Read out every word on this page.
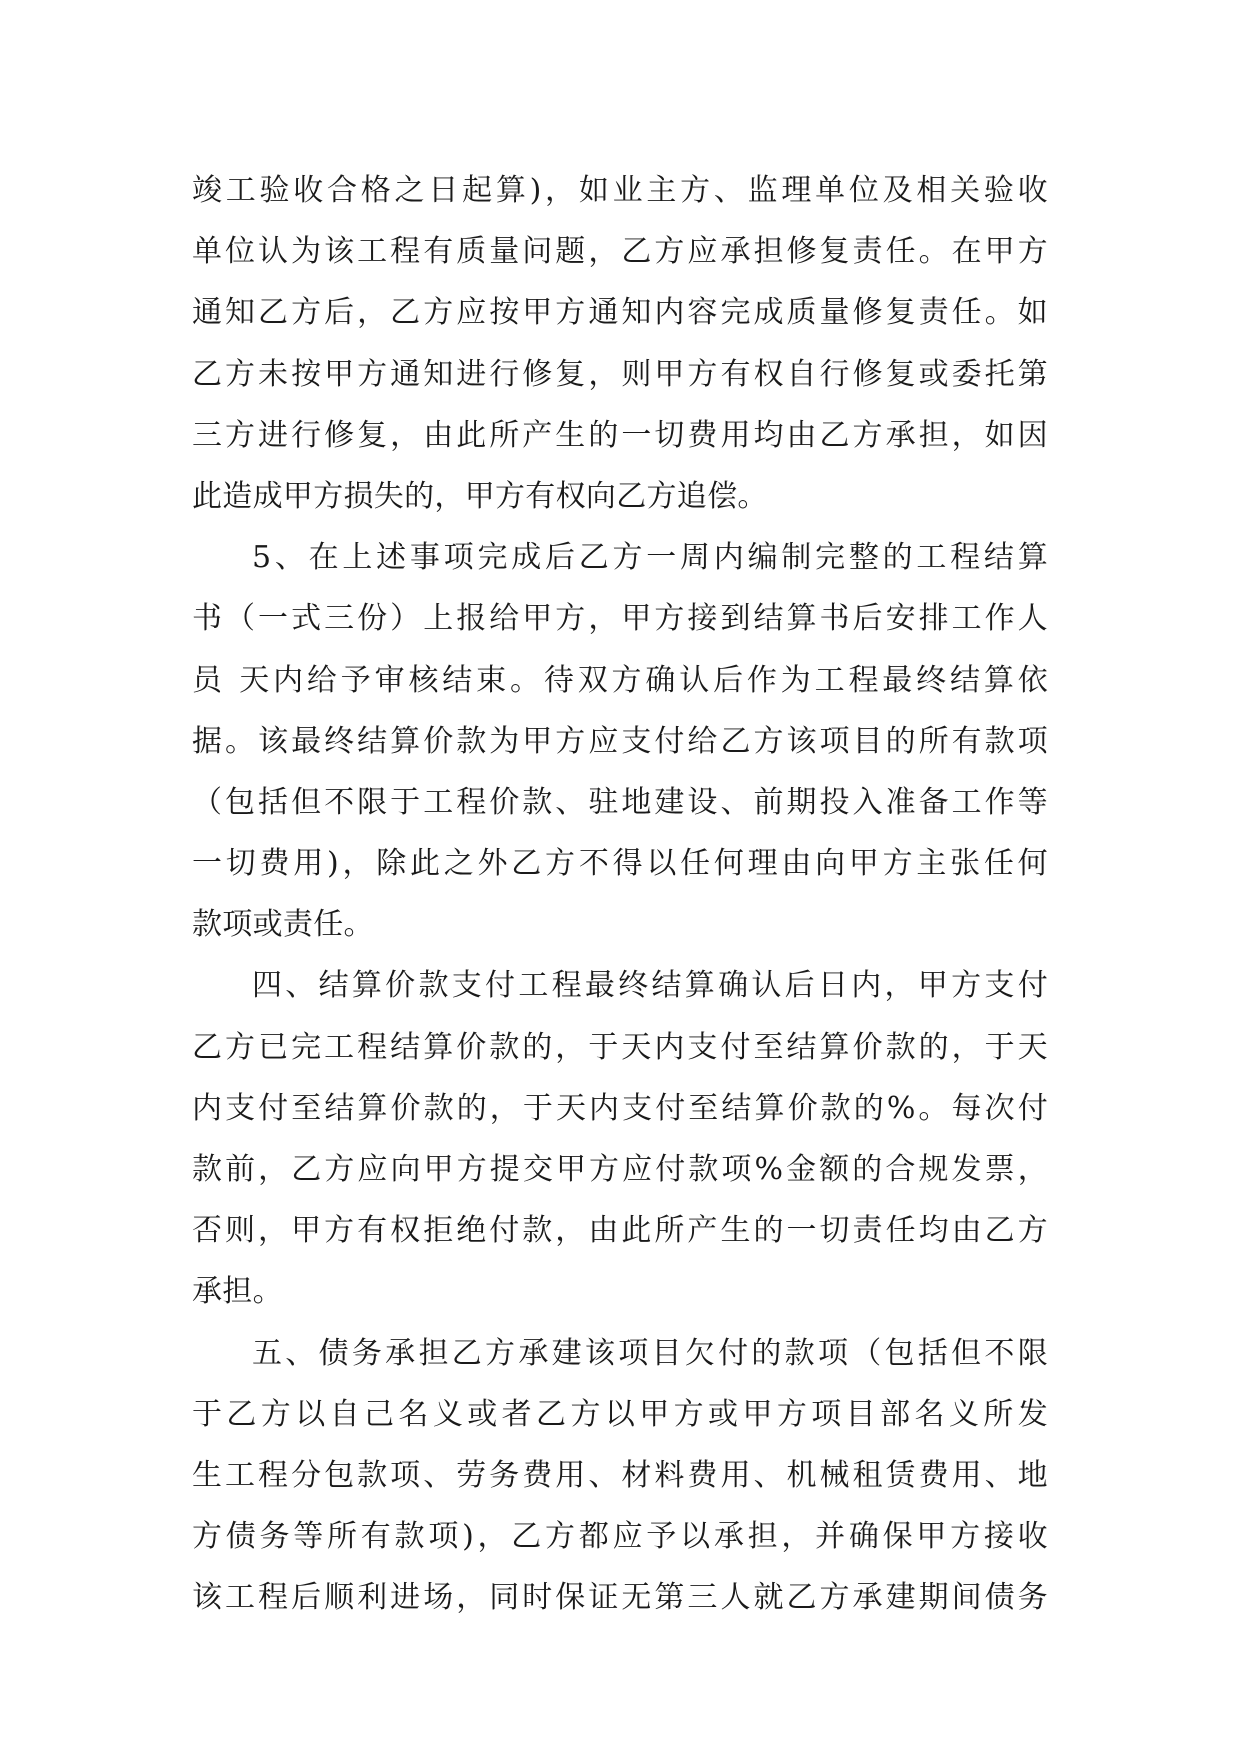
竣工验收合格之日起算)，如业主方、监理单位及相关验收
单位认为该工程有质量问题，乙方应承担修复责任。在甲方
通知乙方后，乙方应按甲方通知内容完成质量修复责任。如
乙方未按甲方通知进行修复，则甲方有权自行修复或委托第
三方进行修复，由此所产生的一切费用均由乙方承担，如因
此造成甲方损失的，甲方有权向乙方追偿。
5、在上述事项完成后乙方一周内编制完整的工程结算
书（一式三份）上报给甲方，甲方接到结算书后安排工作人
员 天内给予审核结束。待双方确认后作为工程最终结算依
据。该最终结算价款为甲方应支付给乙方该项目的所有款项
（包括但不限于工程价款、驻地建设、前期投入准备工作等
一切费用)，除此之外乙方不得以任何理由向甲方主张任何
款项或责任。
四、结算价款支付工程最终结算确认后日内，甲方支付
乙方已完工程结算价款的，于天内支付至结算价款的，于天
内支付至结算价款的，于天内支付至结算价款的%。每次付
款前，乙方应向甲方提交甲方应付款项%金额的合规发票，
否则，甲方有权拒绝付款，由此所产生的一切责任均由乙方
承担。
五、债务承担乙方承建该项目欠付的款项（包括但不限
于乙方以自己名义或者乙方以甲方或甲方项目部名义所发
生工程分包款项、劳务费用、材料费用、机械租赁费用、地
方债务等所有款项)，乙方都应予以承担，并确保甲方接收
该工程后顺利进场，同时保证无第三人就乙方承建期间债务
